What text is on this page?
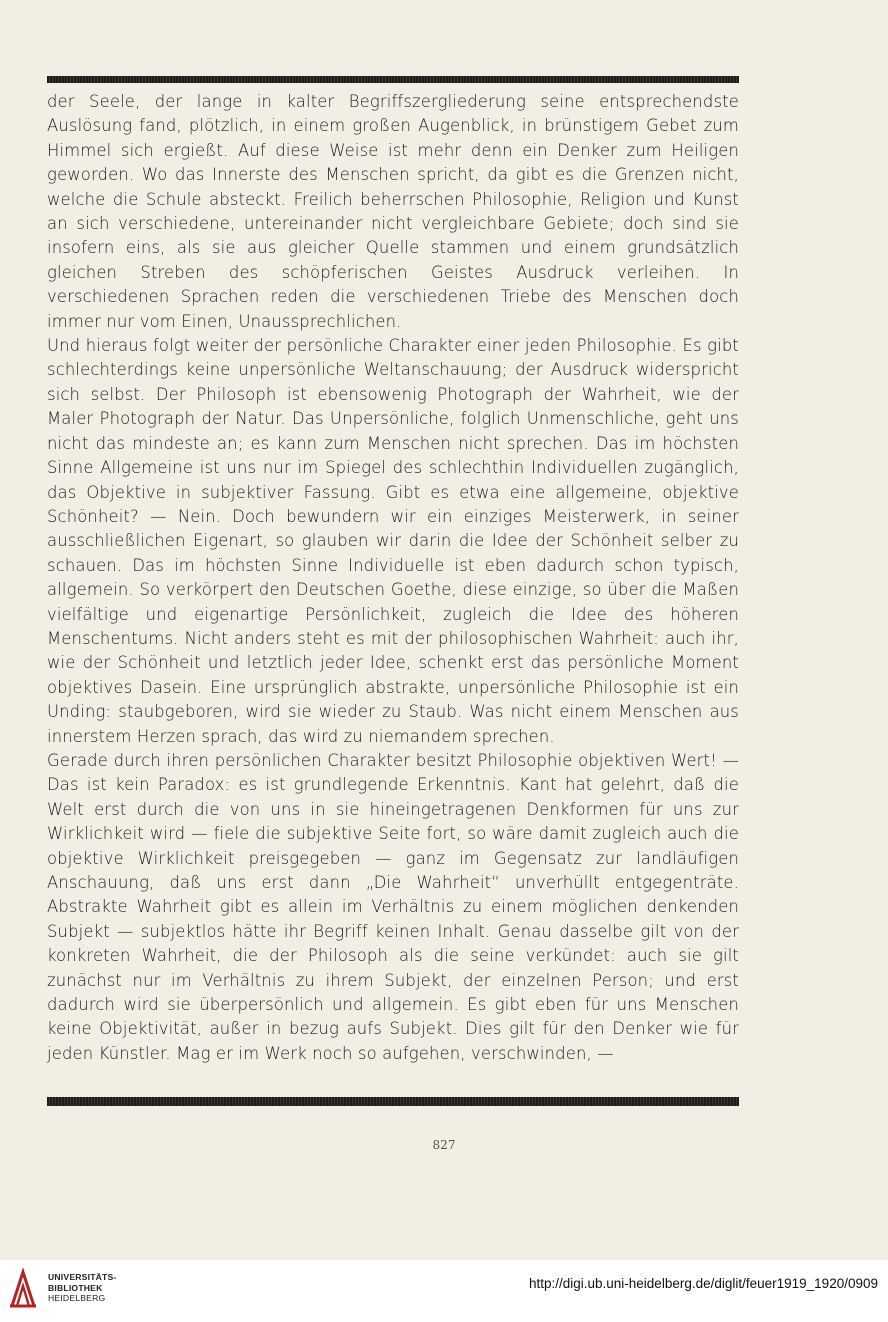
der Seele, der lange in kalter Begriffszergliederung seine entsprechendste Auslösung fand, plötzlich, in einem großen Augenblick, in brünstigem Gebet zum Himmel sich ergießt. Auf diese Weise ist mehr denn ein Denker zum Heiligen geworden. Wo das Innerste des Menschen spricht, da gibt es die Grenzen nicht, welche die Schule absteckt. Freilich beherrschen Philosophie, Religion und Kunst an sich verschiedene, untereinander nicht vergleichbare Gebiete; doch sind sie insofern eins, als sie aus gleicher Quelle stammen und einem grundsätzlich gleichen Streben des schöpferischen Geistes Ausdruck verleihen. In verschiedenen Sprachen reden die verschiedenen Triebe des Menschen doch immer nur vom Einen, Unaussprechlichen.

Und hieraus folgt weiter der persönliche Charakter einer jeden Philosophie. Es gibt schlechterdings keine unpersönliche Weltanschauung; der Ausdruck widerspricht sich selbst. Der Philosoph ist ebensowenig Photograph der Wahrheit, wie der Maler Photograph der Natur. Das Unpersönliche, folglich Unmenschliche, geht uns nicht das mindeste an; es kann zum Menschen nicht sprechen. Das im höchsten Sinne Allgemeine ist uns nur im Spiegel des schlechthin Individuellen zugänglich, das Objektive in subjektiver Fassung. Gibt es etwa eine allgemeine, objektive Schönheit? — Nein. Doch bewundern wir ein einziges Meisterwerk, in seiner ausschließlichen Eigenart, so glauben wir darin die Idee der Schönheit selber zu schauen. Das im höchsten Sinne Individuelle ist eben dadurch schon typisch, allgemein. So verkörpert den Deutschen Goethe, diese einzige, so über die Maßen vielfältige und eigenartige Persönlichkeit, zugleich die Idee des höheren Menschentums. Nicht anders steht es mit der philosophischen Wahrheit: auch ihr, wie der Schönheit und letztlich jeder Idee, schenkt erst das persönliche Moment objektives Dasein. Eine ursprünglich abstrakte, unpersönliche Philosophie ist ein Unding: staubgeboren, wird sie wieder zu Staub. Was nicht einem Menschen aus innerstem Herzen sprach, das wird zu niemandem sprechen.

Gerade durch ihren persönlichen Charakter besitzt Philosophie objektiven Wert! — Das ist kein Paradox: es ist grundlegende Erkenntnis. Kant hat gelehrt, daß die Welt erst durch die von uns in sie hineingetragenen Denkformen für uns zur Wirklichkeit wird — fiele die subjektive Seite fort, so wäre damit zugleich auch die objektive Wirklichkeit preisgegeben — ganz im Gegensatz zur landläufigen Anschauung, daß uns erst dann „Die Wahrheit“ unverhüllt entgegenträte. Abstrakte Wahrheit gibt es allein im Verhältnis zu einem möglichen denkenden Subjekt — subjektlos hätte ihr Begriff keinen Inhalt. Genau dasselbe gilt von der konkreten Wahrheit, die der Philosoph als die seine verkündet: auch sie gilt zunächst nur im Verhältnis zu ihrem Subjekt, der einzelnen Person; und erst dadurch wird sie überpersönlich und allgemein. Es gibt eben für uns Menschen keine Objektivität, außer in bezug aufs Subjekt. Dies gilt für den Denker wie für jeden Künstler. Mag er im Werk noch so aufgehen, verschwinden, —

827
UNIVERSITÄTS-
BIBLIOTHEK
HEIDELBERG
http://digi.ub.uni-heidelberg.de/diglit/feuer1919_1920/0909
